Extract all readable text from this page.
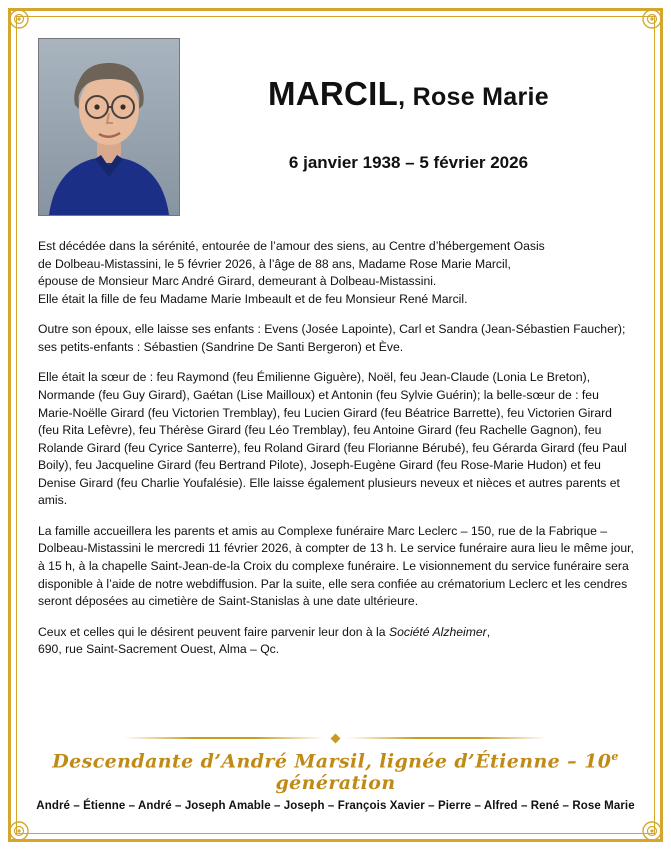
MARCIL, Rose Marie
6 janvier 1938 – 5 février 2026

Est décédée dans la sérénité, entourée de l’amour des siens, au Centre d’hébergement Oasis
de Dolbeau-Mistassini, le 5 février 2026, à l’âge de 88 ans, Madame Rose Marie Marcil,
épouse de Monsieur Marc André Girard, demeurant à Dolbeau-Mistassini.
Elle était la fille de feu Madame Marie Imbeault et de feu Monsieur René Marcil.

Outre son époux, elle laisse ses enfants : Evens (Josée Lapointe), Carl et Sandra (Jean-Sébastien Faucher); ses petits-enfants : Sébastien (Sandrine De Santi Bergeron) et Ève.

Elle était la sœur de : feu Raymond (feu Émilienne Giguère), Noël, feu Jean-Claude (Lonia Le Breton), Normande (feu Guy Girard), Gaétan (Lise Mailloux) et Antonin (feu Sylvie Guérin); la belle-sœur de : feu Marie-Noëlle Girard (feu Victorien Tremblay), feu Lucien Girard (feu Béatrice Barrette), feu Victorien Girard (feu Rita Lefèvre), feu Thérèse Girard (feu Léo Tremblay), feu Antoine Girard (feu Rachelle Gagnon), feu Rolande Girard (feu Cyrice Santerre), feu Roland Girard (feu Florianne Bérubé), feu Gérarda Girard (feu Paul Boily), feu Jacqueline Girard (feu Bertrand Pilote), Joseph-Eugène Girard (feu Rose-Marie Hudon) et feu Denise Girard (feu Charlie Youfalésie). Elle laisse également plusieurs neveux et nièces et autres parents et amis.

La famille accueillera les parents et amis au Complexe funéraire Marc Leclerc – 150, rue de la Fabrique – Dolbeau-Mistassini le mercredi 11 février 2026, à compter de 13 h. Le service funéraire aura lieu le même jour, à 15 h, à la chapelle Saint-Jean-de-la Croix du complexe funéraire. Le visionnement du service funéraire sera disponible à l’aide de notre webdiffusion. Par la suite, elle sera confiée au crématorium Leclerc et les cendres seront déposées au cimetière de Saint-Stanislas à une date ultérieure.

Ceux et celles qui le désirent peuvent faire parvenir leur don à la Société Alzheimer,
690, rue Saint-Sacrement Ouest, Alma – Qc.

Descendante d’André Marsil, lignée d’Étienne – 10e génération
André – Étienne – André – Joseph Amable – Joseph – François Xavier – Pierre – Alfred – René – Rose Marie
